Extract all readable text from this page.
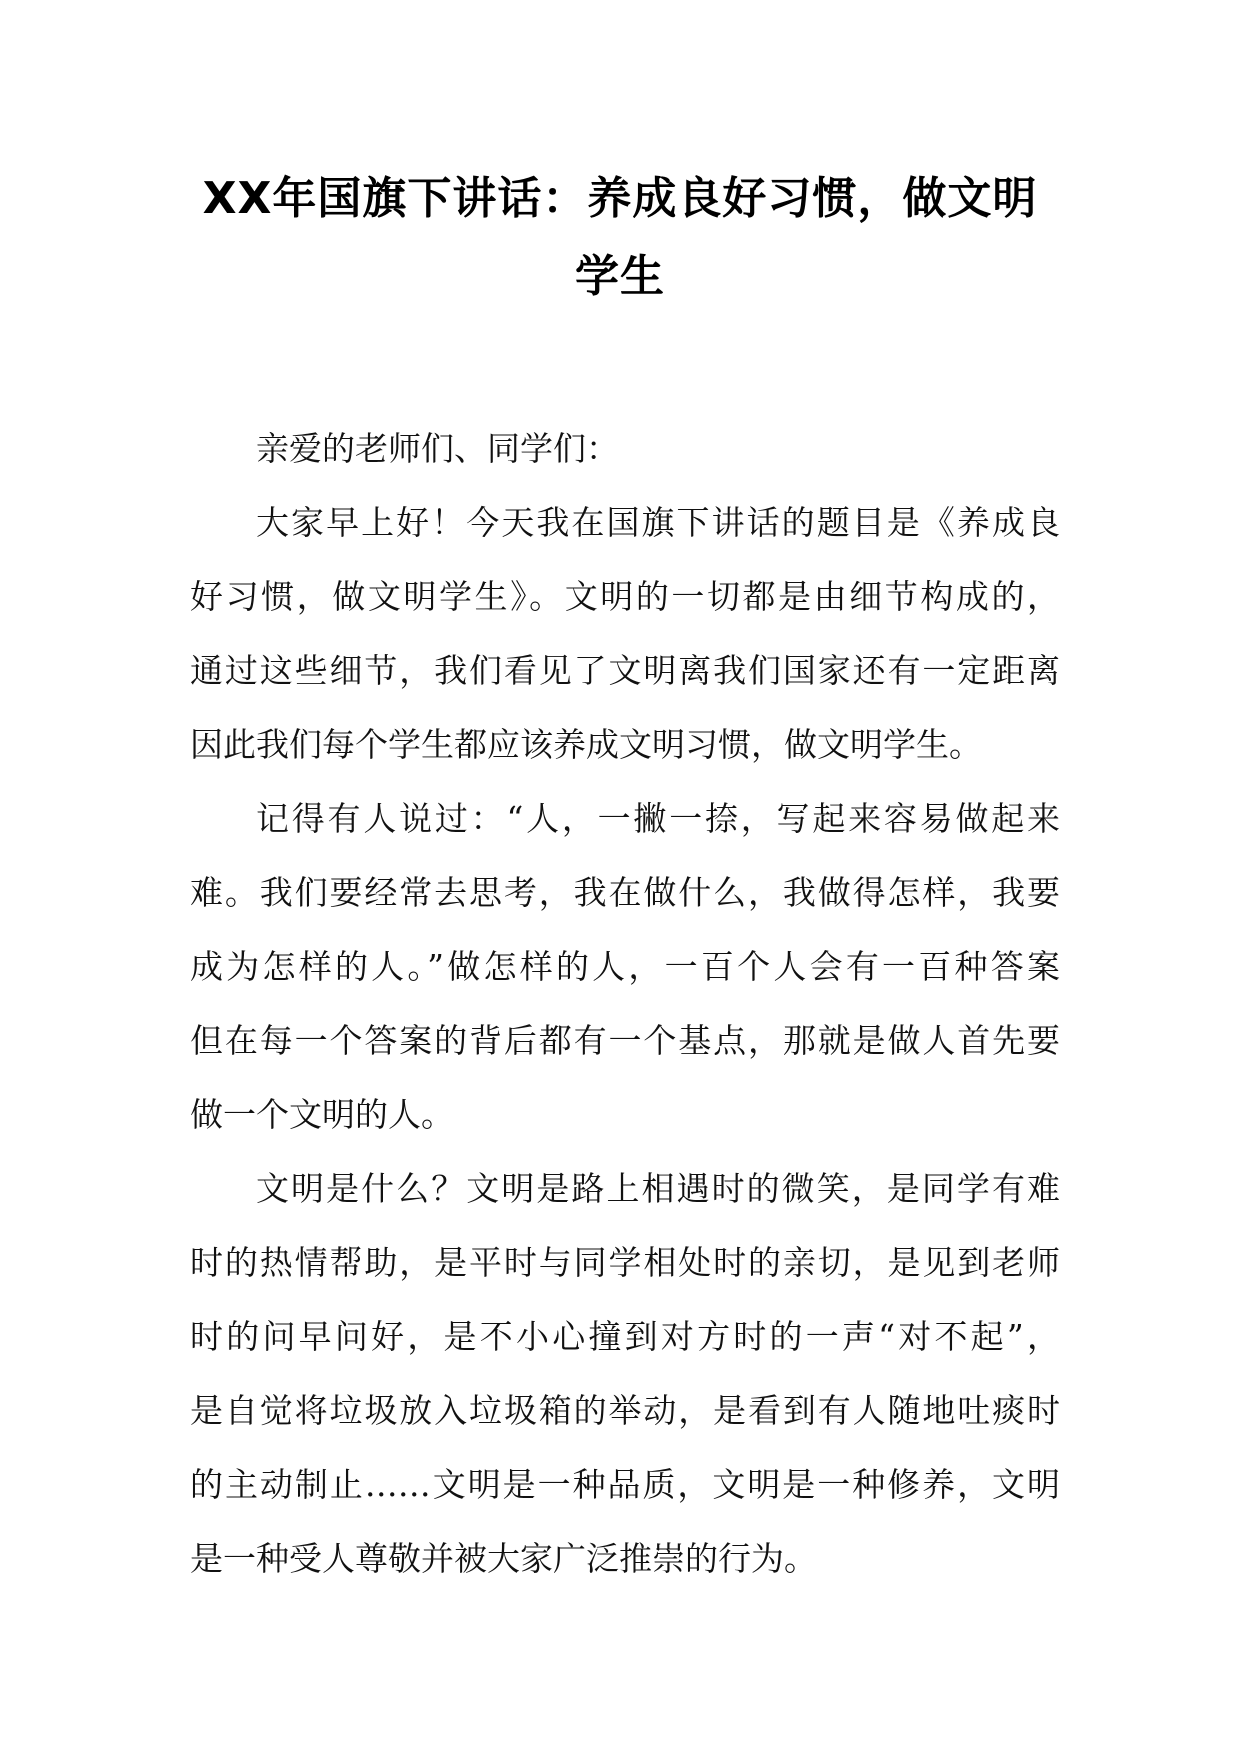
XX年国旗下讲话：养成良好习惯，做文明
学生

亲爱的老师们、同学们：

大家早上好！今天我在国旗下讲话的题目是《养成良
好习惯，做文明学生》。文明的一切都是由细节构成的，
通过这些细节，我们看见了文明离我们国家还有一定距离
因此我们每个学生都应该养成文明习惯，做文明学生。

记得有人说过：“人，一撇一捺，写起来容易做起来
难。我们要经常去思考，我在做什么，我做得怎样，我要
成为怎样的人。”做怎样的人，一百个人会有一百种答案
但在每一个答案的背后都有一个基点，那就是做人首先要
做一个文明的人。

文明是什么？文明是路上相遇时的微笑，是同学有难
时的热情帮助，是平时与同学相处时的亲切，是见到老师
时的问早问好，是不小心撞到对方时的一声“对不起”，
是自觉将垃圾放入垃圾箱的举动，是看到有人随地吐痰时
的主动制止……文明是一种品质，文明是一种修养，文明
是一种受人尊敬并被大家广泛推崇的行为。
